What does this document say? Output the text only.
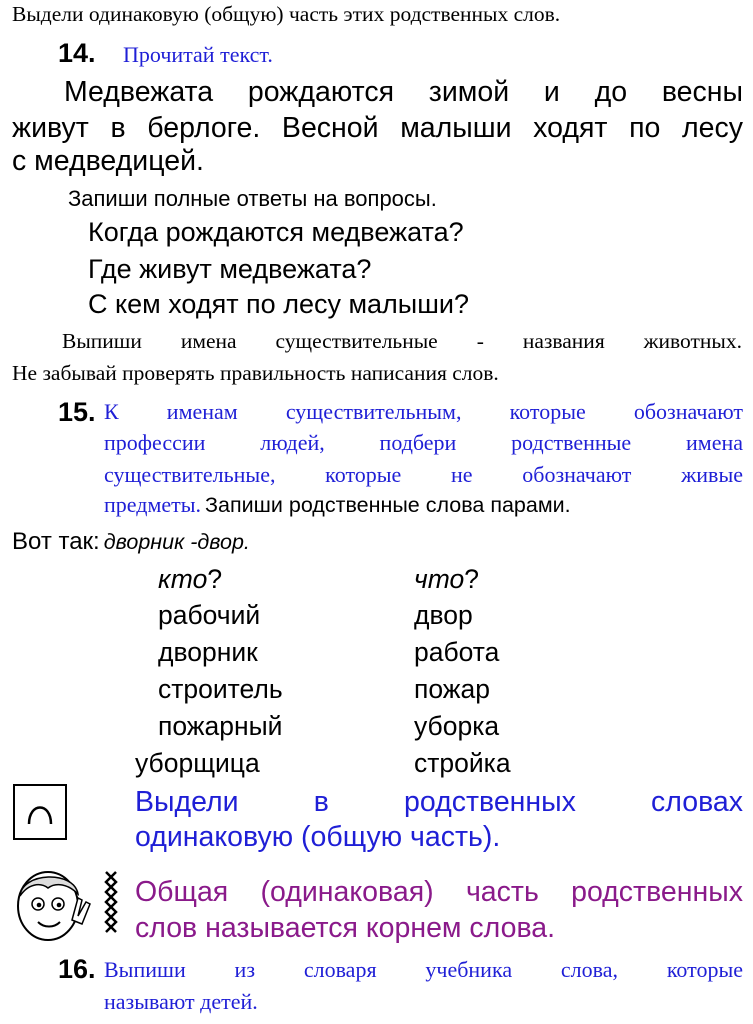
Выдели одинаковую (общую) часть этих родственных слов.
14. Прочитай текст.
Медвежата рождаются зимой и до весны
живут в берлоге. Весной малыши ходят по лесу
с медведицей.
Запиши полные ответы на вопросы.
Когда рождаются медвежата?
Где живут медвежата?
С кем ходят по лесу малыши?
Выпиши имена существительные - названия животных.
Не забывай проверять правильность написания слов.
15. К именам существительным, которые обозначают
профессии людей, подбери родственные имена
существительные, которые не обозначают живые
предметы. Запиши родственные слова парами.
Вот так: дворник -двор.
кто?	что?
рабочий
дворник
строитель
пожарный
уборщица
двор
работа
пожар
уборка
стройка
Выдели в родственных словах
одинаковую (общую часть).
Общая (одинаковая) часть родственных
слов называется корнем слова.
16. Выпиши из словаря учебника слова, которые
называют детей.
